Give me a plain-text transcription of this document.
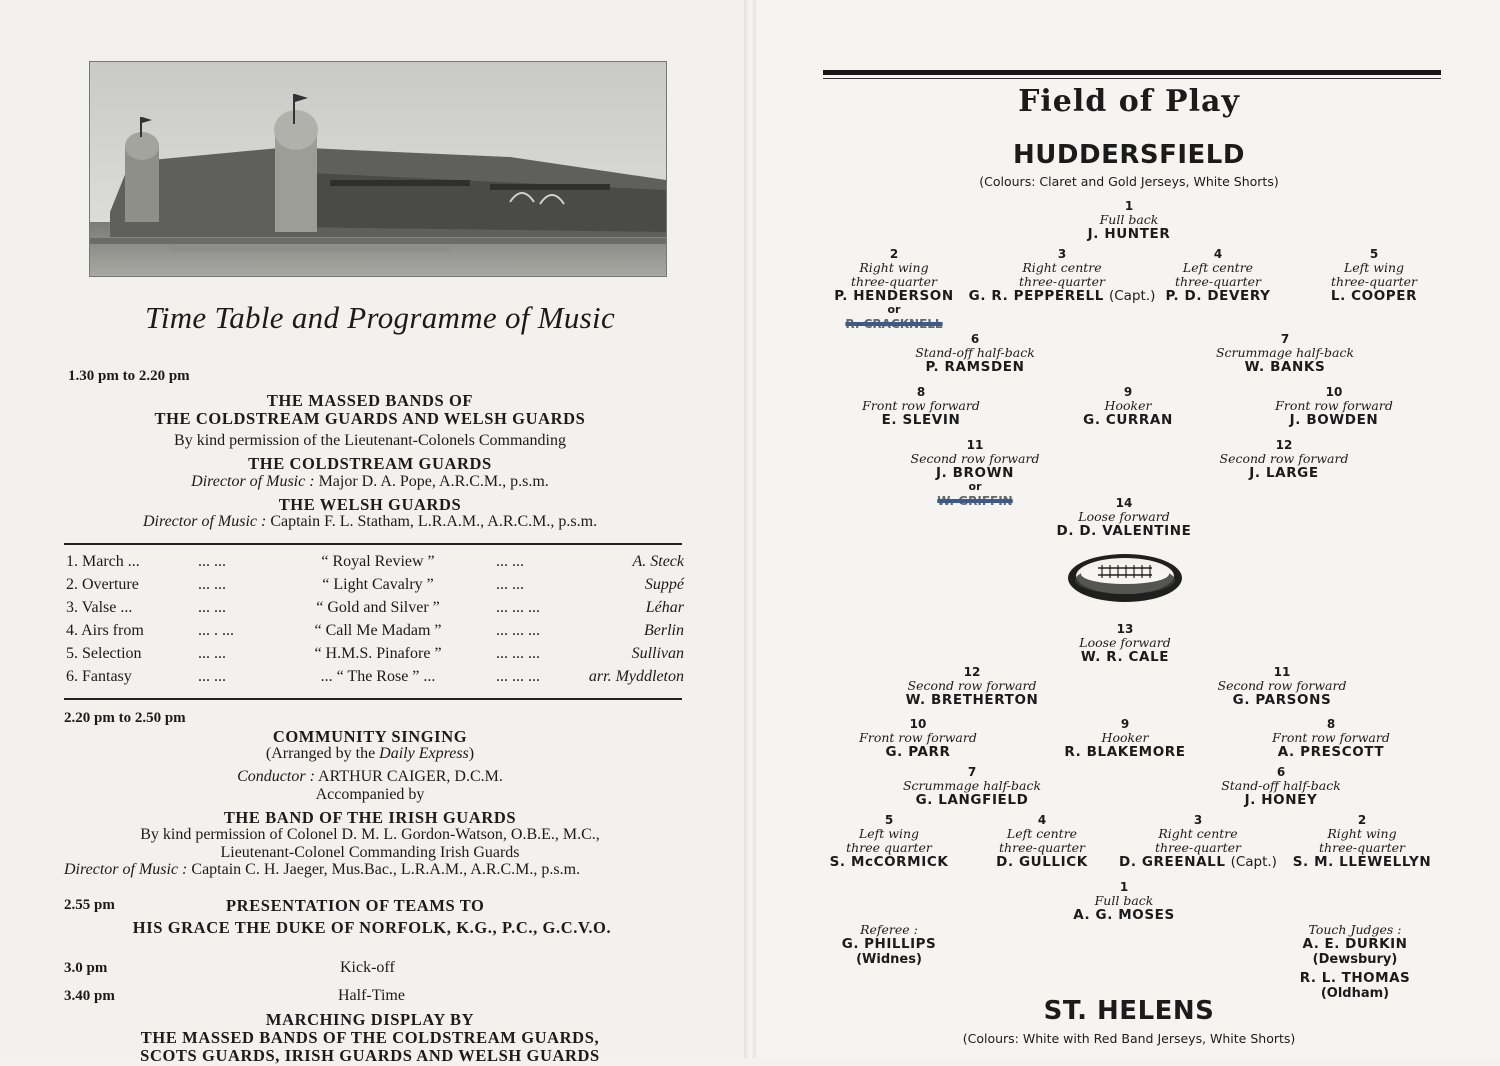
Time Table and Programme of Music
1.30 pm to 2.20 pm
THE MASSED BANDS OF
THE COLDSTREAM GUARDS AND WELSH GUARDS
By kind permission of the Lieutenant-Colonels Commanding
THE COLDSTREAM GUARDS
Director of Music : Major D. A. Pope, A.R.C.M., p.s.m.
THE WELSH GUARDS
Director of Music : Captain F. L. Statham, L.R.A.M., A.R.C.M., p.s.m.
2.20 pm to 2.50 pm
COMMUNITY SINGING
(Arranged by the Daily Express)
Conductor : ARTHUR CAIGER, D.C.M.
Accompanied by
THE BAND OF THE IRISH GUARDS
By kind permission of Colonel D. M. L. Gordon-Watson, O.B.E., M.C.,
Lieutenant-Colonel Commanding Irish Guards
Director of Music : Captain C. H. Jaeger, Mus.Bac., L.R.A.M., A.R.C.M., p.s.m.
2.55 pm	PRESENTATION OF TEAMS TO
HIS GRACE THE DUKE OF NORFOLK, K.G., P.C., G.C.V.O.
3.0 pm	Kick-off
3.40 pm	Half-Time
MARCHING DISPLAY BY
THE MASSED BANDS OF THE COLDSTREAM GUARDS,
SCOTS GUARDS, IRISH GUARDS AND WELSH GUARDS
Field of Play
HUDDERSFIELD
(Colours: Claret and Gold Jerseys, White Shorts)
Referee :
G. PHILLIPS
(Widnes)
Touch Judges :
A. E. DURKIN
(Dewsbury)
R. L. THOMAS
(Oldham)
ST. HELENS
(Colours: White with Red Band Jerseys, White Shorts)
1. March ...	... ...	“ Royal Review ”	... ...	A. Steck
2. Overture	... ...	“ Light Cavalry ”	... ...	Suppé
3. Valse ...	... ...	“ Gold and Silver ”	... ... ...	Léhar
4. Airs from	... . ...	“ Call Me Madam ”	... ... ...	Berlin
5. Selection	... ...	“ H.M.S. Pinafore ”	... ... ...	Sullivan
6. Fantasy	... ...	... “ The Rose ” ...	... ... ...	arr. Myddleton
1
Full back
J. HUNTER
2
Right wing
three-quarter
P. HENDERSON
or
R. CRACKNELL
3
Right centre
three-quarter
G. R. PEPPERELL (Capt.)
4
Left centre
three-quarter
P. D. DEVERY
5
Left wing
three-quarter
L. COOPER
6
Stand-off half-back
P. RAMSDEN
7
Scrummage half-back
W. BANKS
8
Front row forward
E. SLEVIN
9
Hooker
G. CURRAN
10
Front row forward
J. BOWDEN
11
Second row forward
J. BROWN
or
W. GRIFFIN
12
Second row forward
J. LARGE
14
Loose forward
D. D. VALENTINE
13
Loose forward
W. R. CALE
12
Second row forward
W. BRETHERTON
11
Second row forward
G. PARSONS
10
Front row forward
G. PARR
9
Hooker
R. BLAKEMORE
8
Front row forward
A. PRESCOTT
7
Scrummage half-back
G. LANGFIELD
6
Stand-off half-back
J. HONEY
5
Left wing
three quarter
S. McCORMICK
4
Left centre
three-quarter
D. GULLICK
3
Right centre
three-quarter
D. GREENALL (Capt.)
2
Right wing
three-quarter
S. M. LLEWELLYN
1
Full back
A. G. MOSES
